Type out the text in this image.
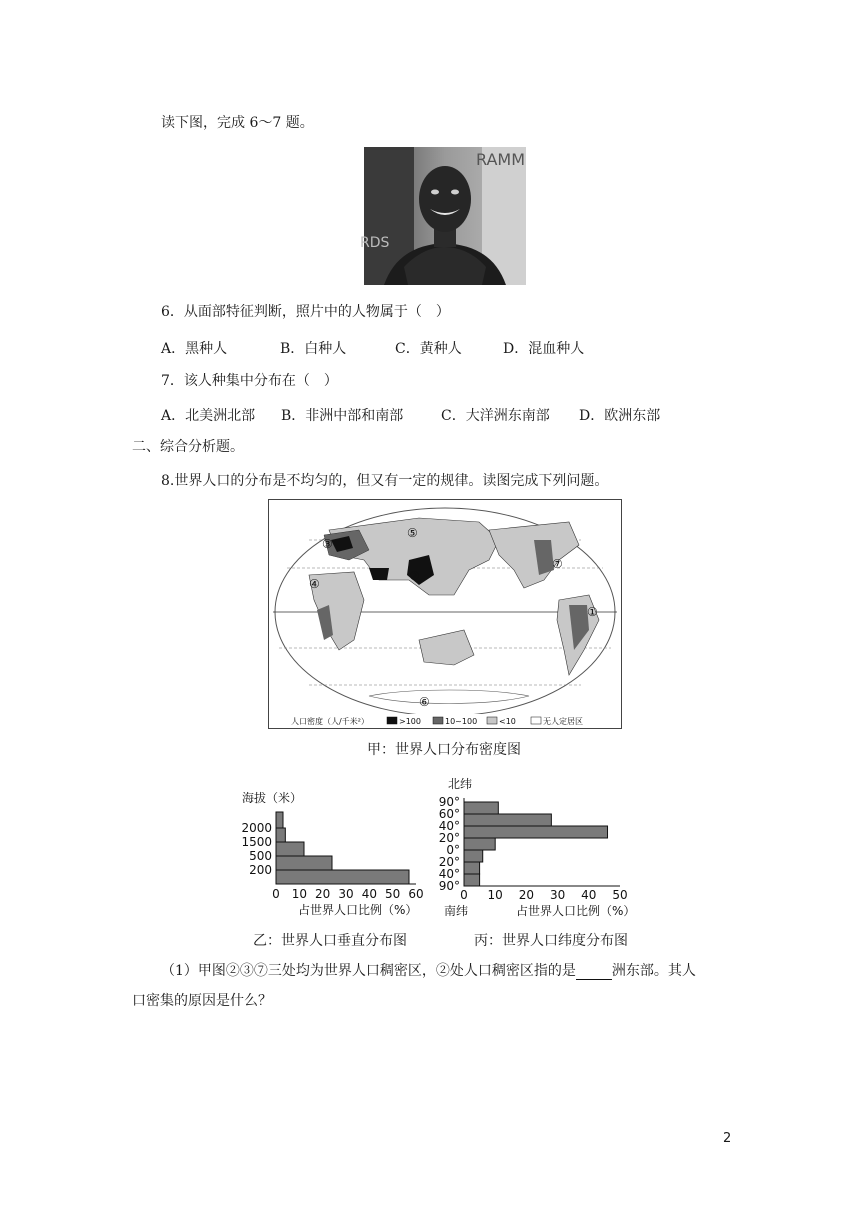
读下图，完成 6～7 题。
RAMM
RDS
6．从面部特征判断，照片中的人物属于（　）
A．黑种人	B．白种人	C．黄种人	D．混血种人
7．该人种集中分布在（　）
A．北美洲北部 B．非洲中部和南部	C．大洋洲东南部 D．欧洲东部
二、综合分析题。
8.世界人口的分布是不均匀的，但又有一定的规律。读图完成下列问题。
①
②
③
④
⑤
⑥
⑦
人口密度（人/千米²）	>100	10~100	<10	无人定居区
甲：世界人口分布密度图
海拔（米）
0 10 20 30 40 50 60
200
500
1500
2000
占世界人口比例（%）
乙：世界人口垂直分布图
北纬
0 10 20 30 40 50
90°
60°
40°
20°
0°
20°
40°
90°
南纬	占世界人口比例（%）
丙：世界人口纬度分布图
（1）甲图②③⑦三处均为世界人口稠密区，②处人口稠密区指的是	洲东部。其人
口密集的原因是什么？
2
